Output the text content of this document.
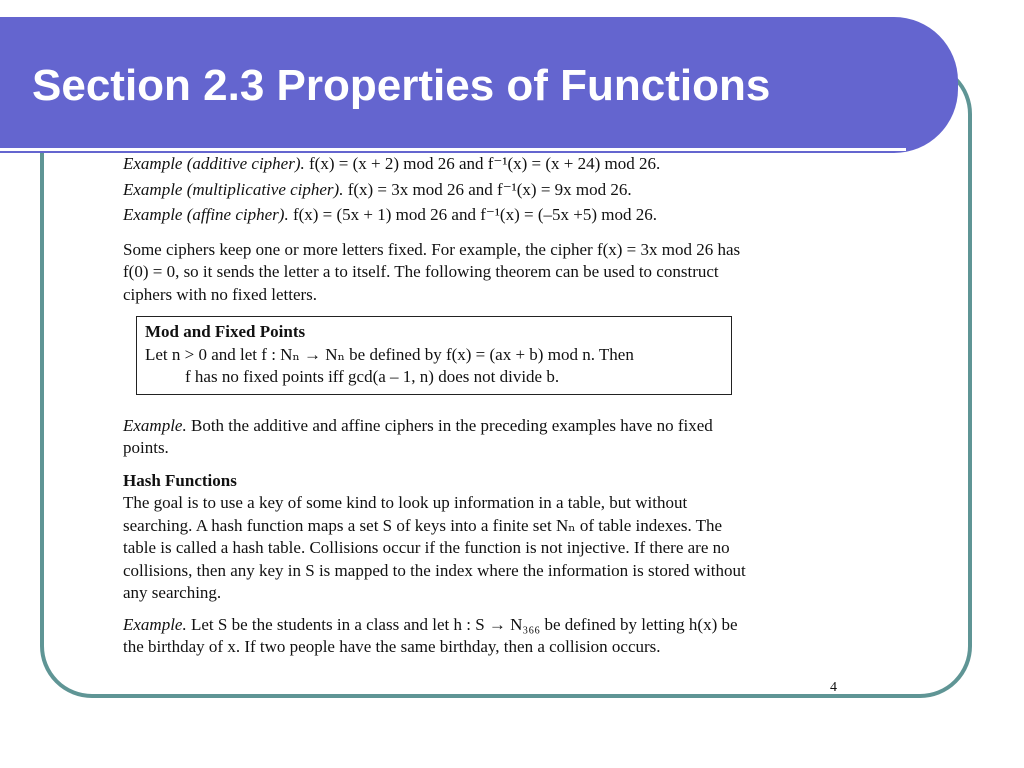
Section 2.3 Properties of Functions

Example (additive cipher). f(x) = (x + 2) mod 26 and f⁻¹(x) = (x + 24) mod 26.

Example (multiplicative cipher). f(x) = 3x mod 26 and f⁻¹(x) = 9x mod 26.

Example (affine cipher). f(x) = (5x + 1) mod 26 and f⁻¹(x) = (–5x +5) mod 26.

Some ciphers keep one or more letters fixed. For example, the cipher f(x) = 3x mod 26 has
f(0) = 0, so it sends the letter a to itself. The following theorem can be used to construct
ciphers with no fixed letters.

Mod and Fixed Points

Let n > 0 and let f : Nₙ → Nₙ be defined by f(x) = (ax + b) mod n. Then

f has no fixed points iff gcd(a – 1, n) does not divide b.

Example. Both the additive and affine ciphers in the preceding examples have no fixed
points.

Hash Functions

The goal is to use a key of some kind to look up information in a table, but without
searching. A hash function maps a set S of keys into a finite set Nₙ of table indexes. The
table is called a hash table. Collisions occur if the function is not injective. If there are no
collisions, then any key in S is mapped to the index where the information is stored without
any searching.

Example. Let S be the students in a class and let h : S → N₃₆₆ be defined by letting h(x) be
the birthday of x. If two people have the same birthday, then a collision occurs.

4
